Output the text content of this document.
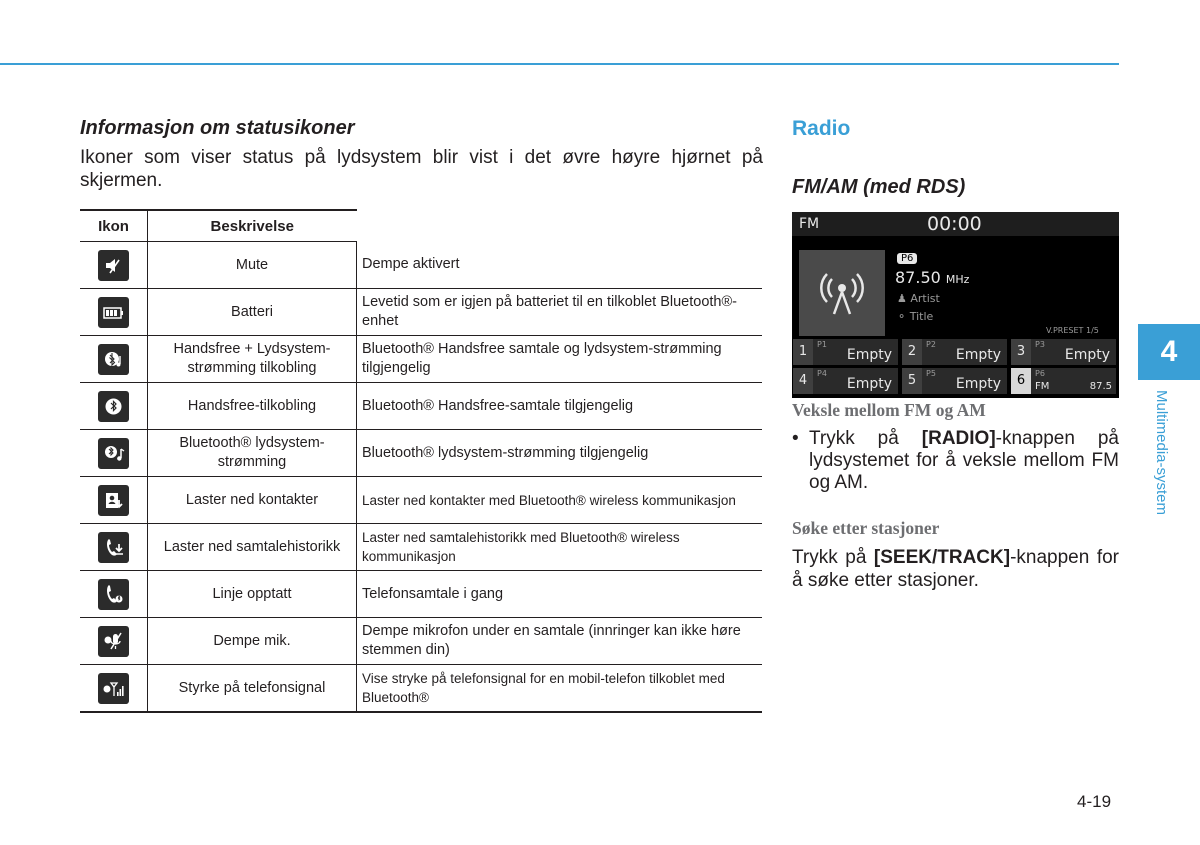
Informasjon om statusikoner
Ikoner som viser status på lydsystem blir vist i det øvre høyre hjørnet på skjermen.
Ikon	Beskrivelse	

	Mute	Dempe aktivert

	Batteri	Levetid som er igjen på batteriet til en tilkoblet Bluetooth®-enhet

	Handsfree + Lydsystem-strømming tilkobling	Bluetooth® Handsfree samtale og lydsystem-strømming tilgjengelig

	Handsfree-tilkobling	Bluetooth® Handsfree-samtale tilgjengelig

	Bluetooth® lydsystem-strømming	Bluetooth® lydsystem-strømming tilgjengelig

	Laster ned kontakter	Laster ned kontakter med Bluetooth® wireless kommunikasjon

	Laster ned samtalehistorikk	Laster ned samtalehistorikk med Bluetooth® wireless kommunikasjon

	Linje opptatt	Telefonsamtale i gang

	Dempe mik.	Dempe mikrofon under en samtale (innringer kan ikke høre stemmen din)

	Styrke på telefonsignal	Vise stryke på telefonsignal for en mobil-telefon tilkoblet med Bluetooth®
Radio
FM/AM (med RDS)
FM	00:00
P6
87.50 MHz
♟ Artist
⚬ Title
V.PRESET 1/5
1	P1
Empty	2	P2
Empty	3	P3
Empty
4	P4
Empty	5	P5
Empty	6	P6
FM	87.5
Veksle mellom FM og AM
• Trykk på [RADIO]-knappen på lydsystemet for å veksle mellom FM og AM.
Søke etter stasjoner
Trykk på [SEEK/TRACK]-knappen for å søke etter stasjoner.
4
Multimedia-system
4-19
